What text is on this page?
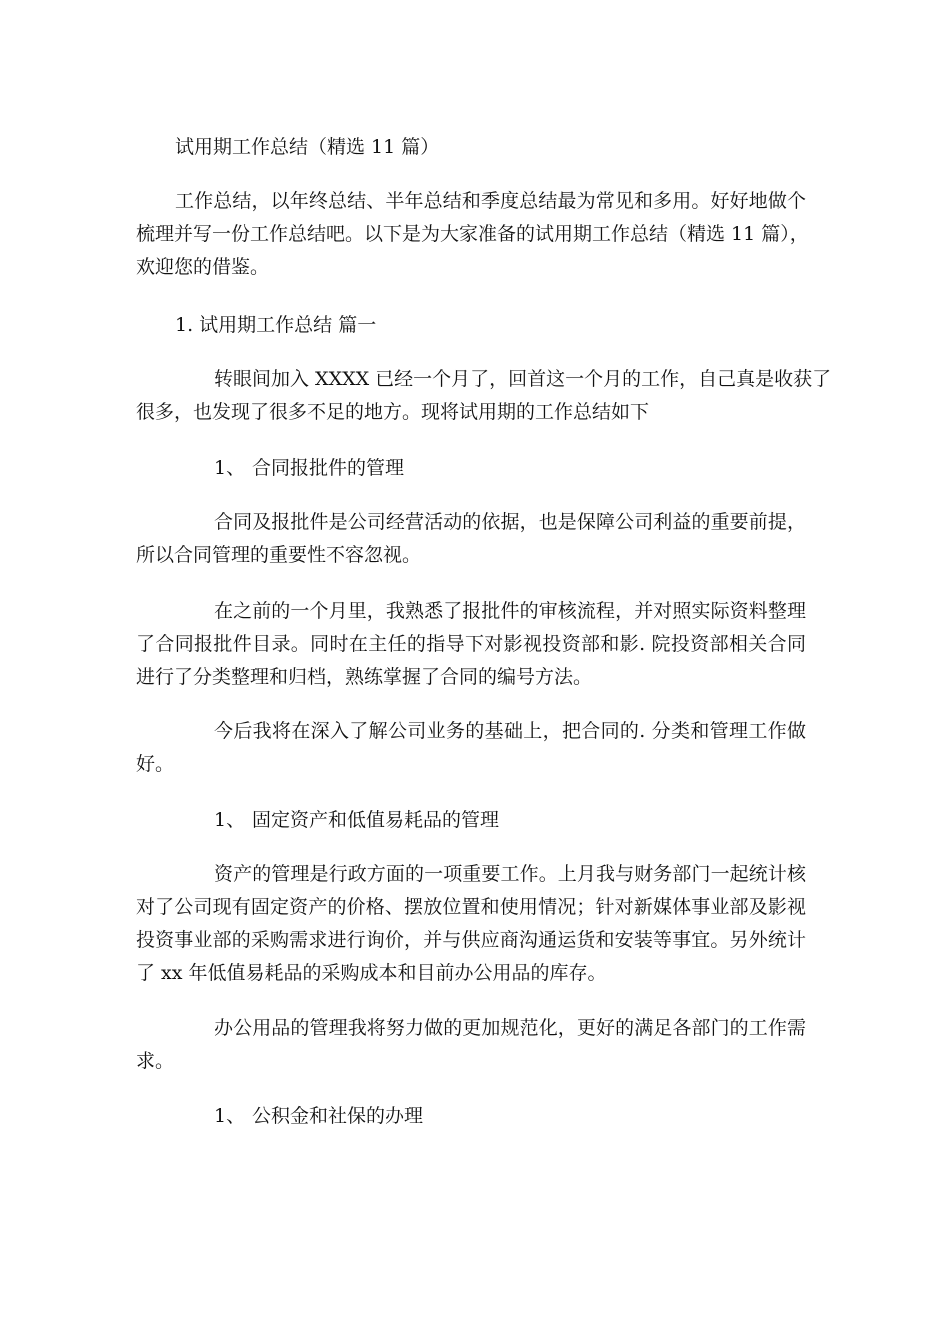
试用期工作总结（精选 11 篇）
工作总结，以年终总结、半年总结和季度总结最为常见和多用。好好地做个
梳理并写一份工作总结吧。以下是为大家准备的试用期工作总结（精选 11 篇），
欢迎您的借鉴。
1. 试用期工作总结 篇一
转眼间加入 XXXX 已经一个月了，回首这一个月的工作，自己真是收获了
很多，也发现了很多不足的地方。现将试用期的工作总结如下
1、 合同报批件的管理
合同及报批件是公司经营活动的依据，也是保障公司利益的重要前提，
所以合同管理的重要性不容忽视。
在之前的一个月里，我熟悉了报批件的审核流程，并对照实际资料整理
了合同报批件目录。同时在主任的指导下对影视投资部和影. 院投资部相关合同
进行了分类整理和归档，熟练掌握了合同的编号方法。
今后我将在深入了解公司业务的基础上，把合同的. 分类和管理工作做
好。
1、 固定资产和低值易耗品的管理
资产的管理是行政方面的一项重要工作。上月我与财务部门一起统计核
对了公司现有固定资产的价格、摆放位置和使用情况；针对新媒体事业部及影视
投资事业部的采购需求进行询价，并与供应商沟通运货和安装等事宜。另外统计
了 xx 年低值易耗品的采购成本和目前办公用品的库存。
办公用品的管理我将努力做的更加规范化，更好的满足各部门的工作需
求。
1、 公积金和社保的办理
